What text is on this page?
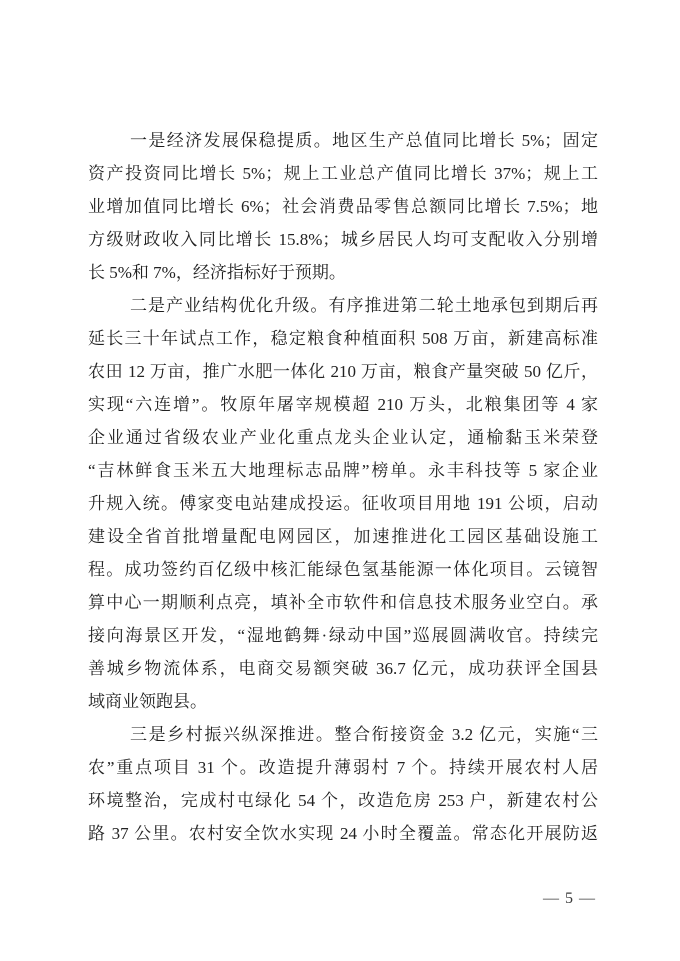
一是经济发展保稳提质。地区生产总值同比增长 5%；固定
资产投资同比增长 5%；规上工业总产值同比增长 37%；规上工
业增加值同比增长 6%；社会消费品零售总额同比增长 7.5%；地
方级财政收入同比增长 15.8%；城乡居民人均可支配收入分别增
长 5%和 7%，经济指标好于预期。
二是产业结构优化升级。有序推进第二轮土地承包到期后再
延长三十年试点工作，稳定粮食种植面积 508 万亩，新建高标准
农田 12 万亩，推广水肥一体化 210 万亩，粮食产量突破 50 亿斤，
实现“六连增”。牧原年屠宰规模超 210 万头，北粮集团等 4 家
企业通过省级农业产业化重点龙头企业认定，通榆黏玉米荣登
“吉林鲜食玉米五大地理标志品牌”榜单。永丰科技等 5 家企业
升规入统。傅家变电站建成投运。征收项目用地 191 公顷，启动
建设全省首批增量配电网园区，加速推进化工园区基础设施工
程。成功签约百亿级中核汇能绿色氢基能源一体化项目。云镜智
算中心一期顺利点亮，填补全市软件和信息技术服务业空白。承
接向海景区开发，“湿地鹤舞·绿动中国”巡展圆满收官。持续完
善城乡物流体系，电商交易额突破 36.7 亿元，成功获评全国县
域商业领跑县。
三是乡村振兴纵深推进。整合衔接资金 3.2 亿元，实施“三
农”重点项目 31 个。改造提升薄弱村 7 个。持续开展农村人居
环境整治，完成村屯绿化 54 个，改造危房 253 户，新建农村公
路 37 公里。农村安全饮水实现 24 小时全覆盖。常态化开展防返
— 5 —
